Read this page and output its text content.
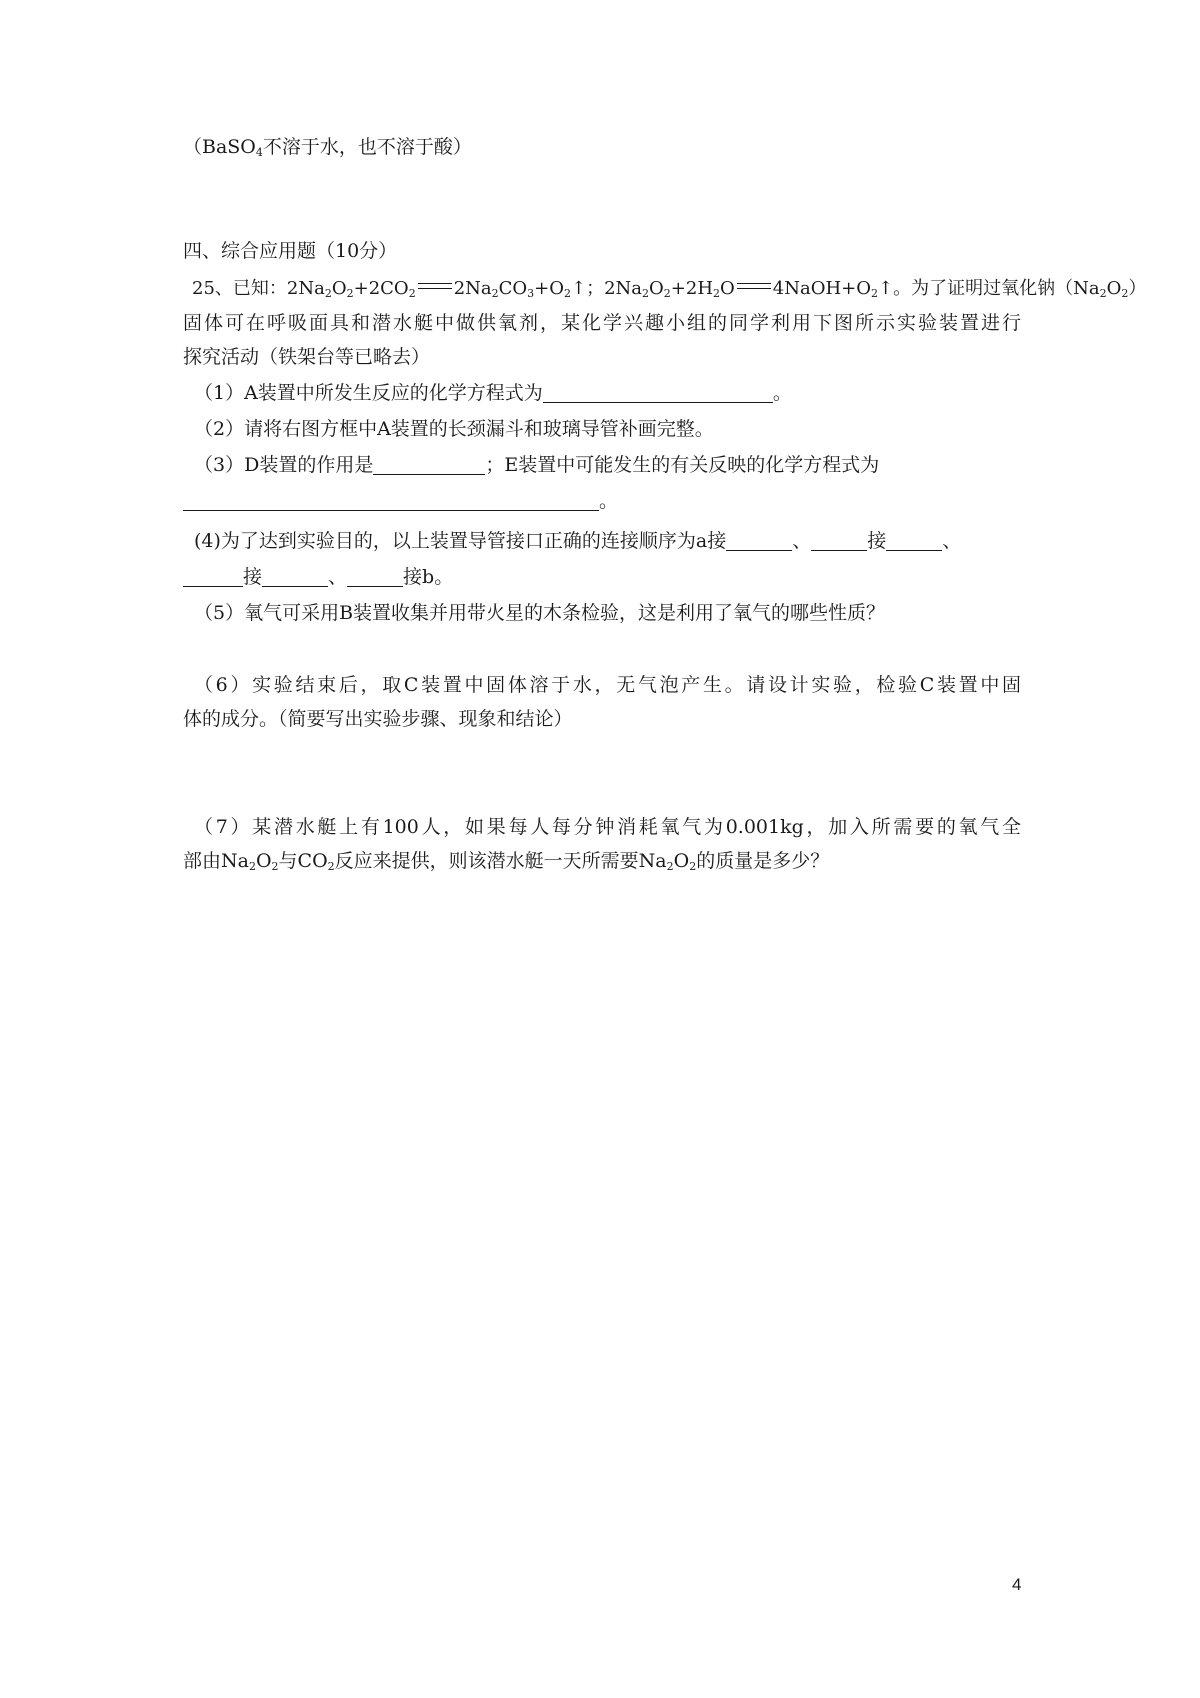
（BaSO$_4$不溶于水，也不溶于酸）

四、综合应用题（10分）

25、已知：$2Na_2O_2+2CO_2$ $2Na_2CO_3+O_2↑$；$2Na_2O_2+2H_2O$ $4NaOH+O_2↑$。为了证明过氧化钠$(Na_2O_2)$

固体可在呼吸面具和潜水艇中做供氧剂，某化学兴趣小组的同学利用下图所示实验装置进行

探究活动（铁架台等已略去）

（1）A装置中所发生反应的化学方程式为	。

（2）请将右图方框中A装置的长颈漏斗和玻璃导管补画完整。

（3）D装置的作用是	；E装置中可能发生的有关反映的化学方程式为

。

(4)为了达到实验目的，以上装置导管接口正确的连接顺序为a接	、	接	、

接	、	接b。

（5）氧气可采用B装置收集并用带火星的木条检验，这是利用了氧气的哪些性质？

（6）实验结束后，取C装置中固体溶于水，无气泡产生。请设计实验，检验C装置中固

体的成分。（简要写出实验步骤、现象和结论）

（7）某潜水艇上有100人，如果每人每分钟消耗氧气为0.001kg，加入所需要的氧气全

部由$Na_2O_2$与$CO_2$反应来提供，则该潜水艇一天所需要$Na_2O_2$的质量是多少？

4
